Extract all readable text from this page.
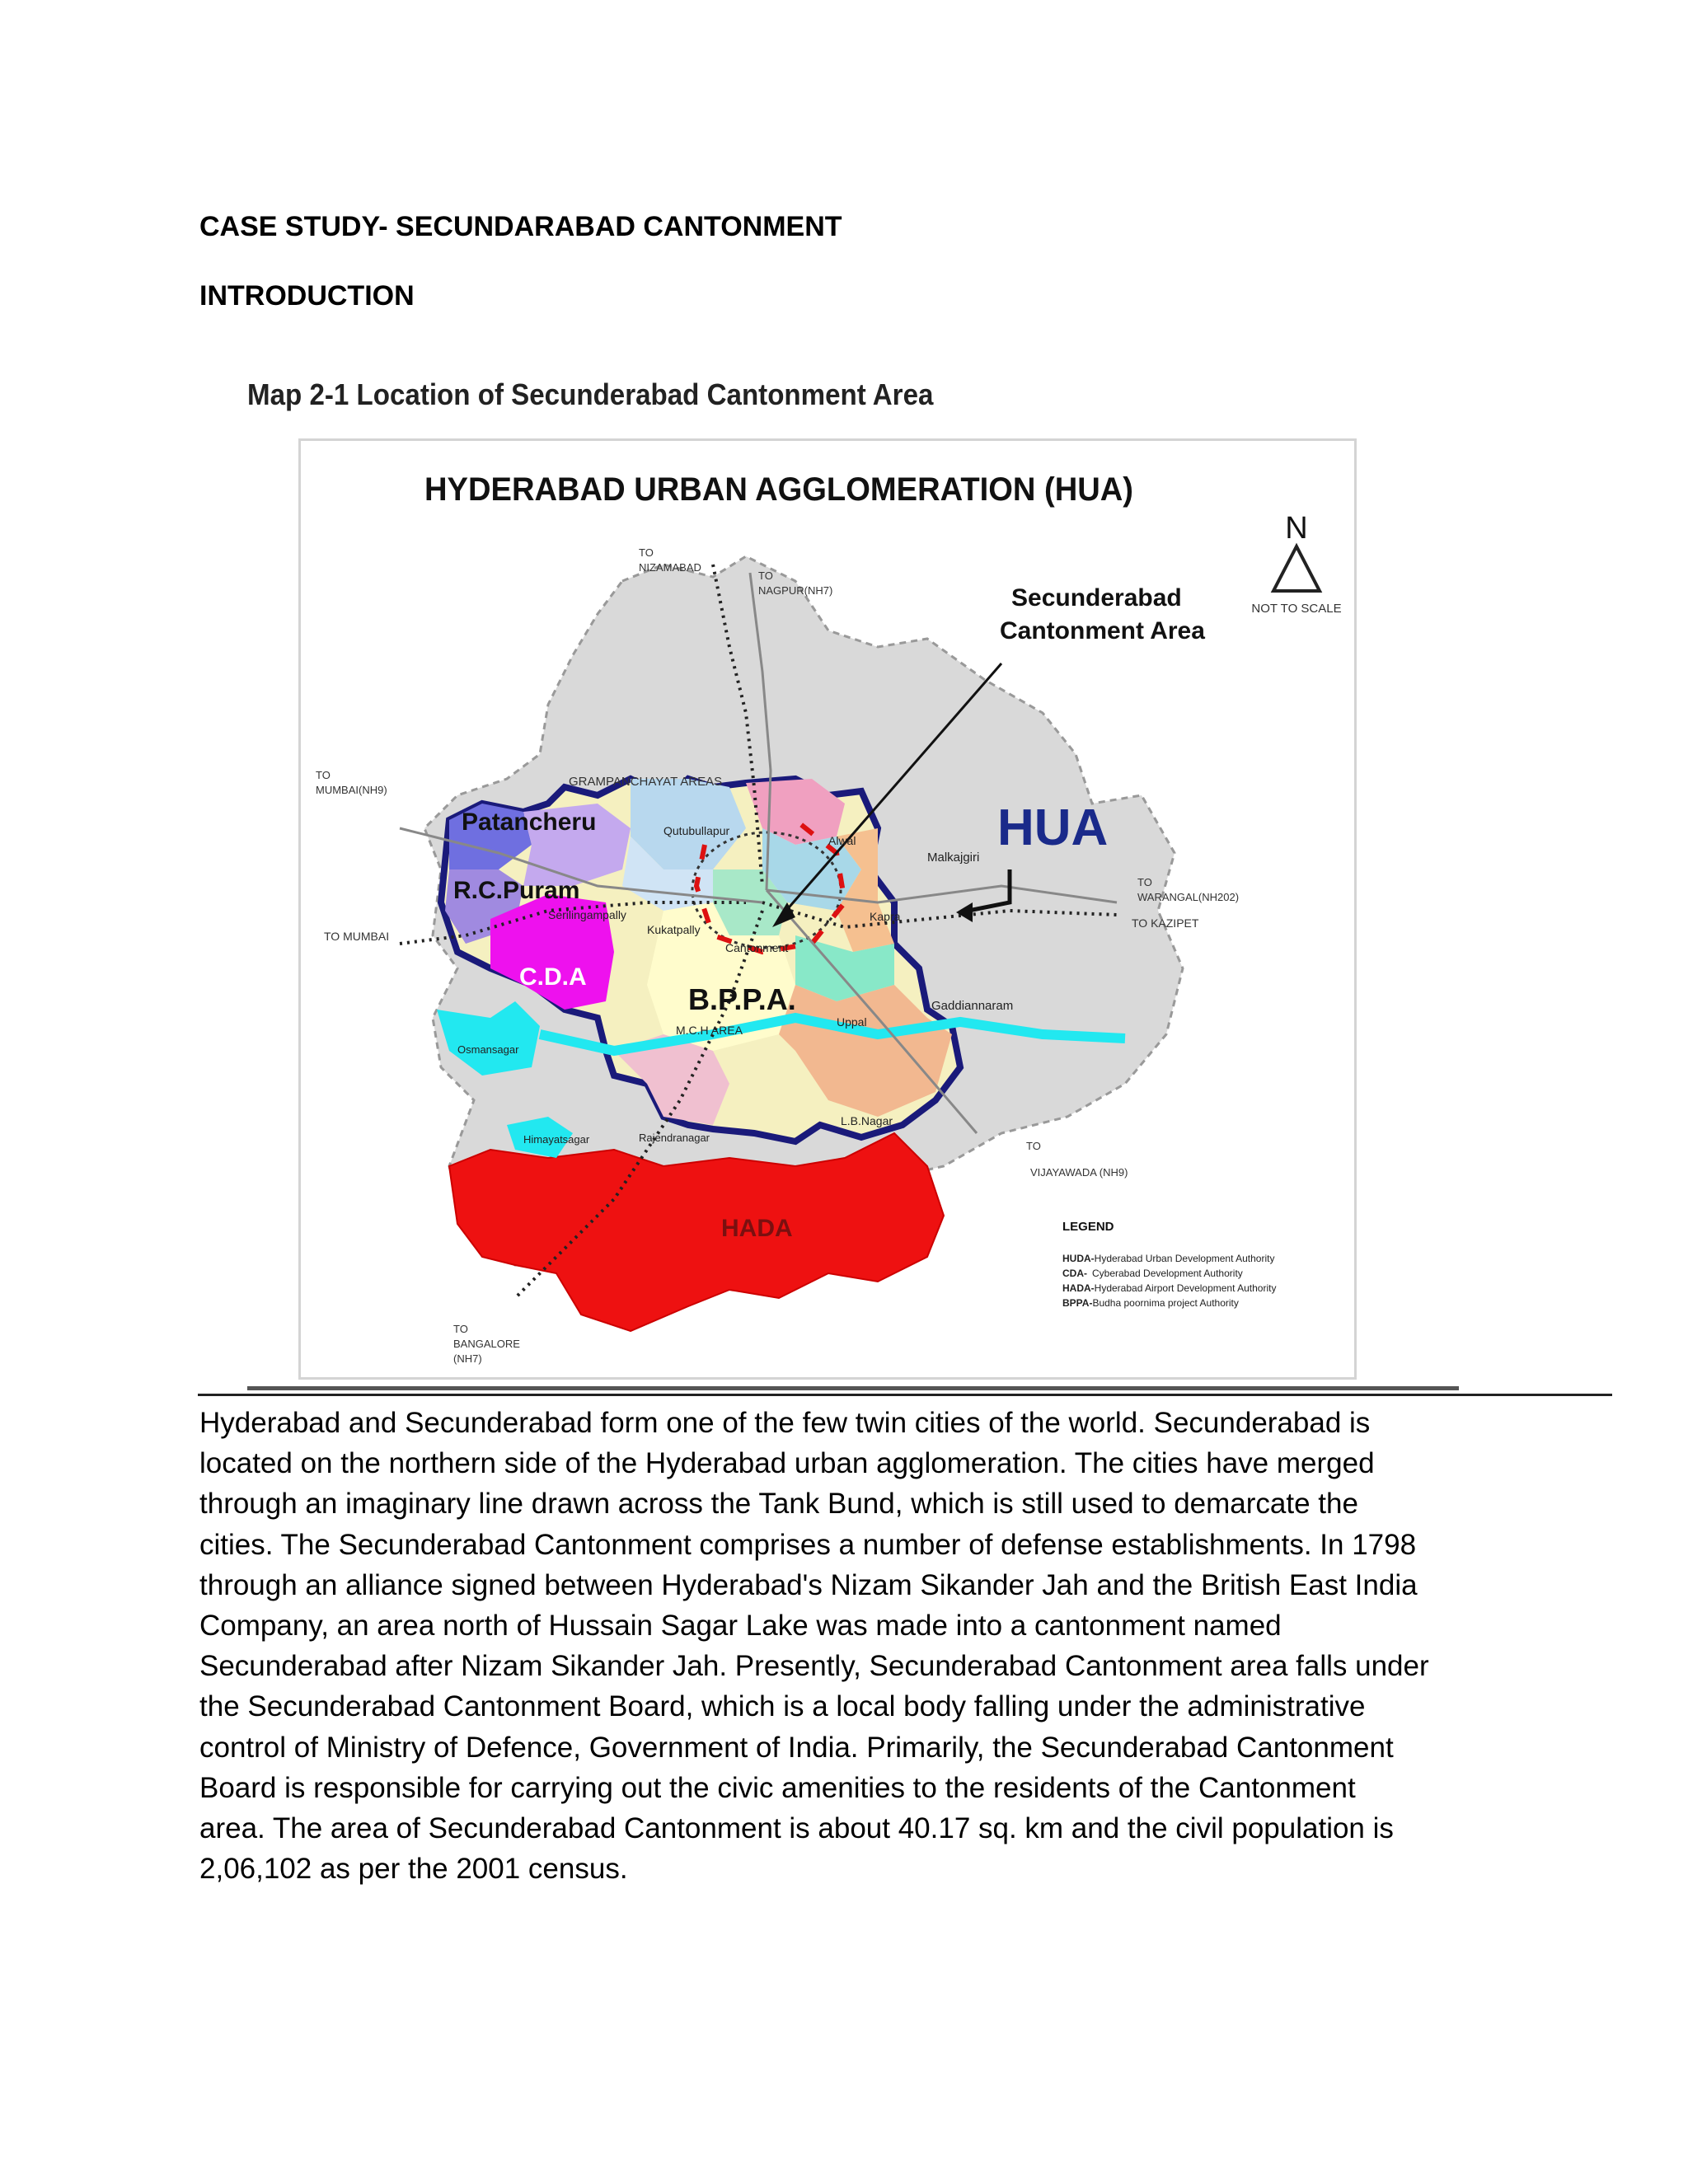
CASE STUDY- SECUNDARABAD CANTONMENT
INTRODUCTION
Map 2-1 Location of Secunderabad Cantonment Area
HYDERABAD URBAN AGGLOMERATION (HUA)
N
NOT TO SCALE
Secunderabad
Cantonment Area
HUA
Patancheru
R.C.Puram
C.D.A
B.P.P.A.
HADA
Serilingampally
Qutubullapur
Alwal
Malkajgiri
Kapra
Kukatpally
Cantonment
M.C.H AREA
Uppal
Gaddiannaram
L.B.Nagar
Rajendranagar
Osmansagar
Himayatsagar
GRAMPANCHAYAT AREAS
TO
NIZAMABAD
TO
NAGPUR(NH7)
TO
MUMBAI(NH9)
TO MUMBAI
TO
WARANGAL(NH202)
TO KAZIPET
TO
VIJAYAWADA (NH9)
TO
BANGALORE
(NH7)
LEGEND
HUDA-Hyderabad Urban Development Authority
CDA- Cyberabad Development Authority
HADA-Hyderabad Airport Development Authority
BPPA-Budha poornima project Authority
Hyderabad and Secunderabad form one of the few twin cities of the world. Secunderabad is
located on the northern side of the Hyderabad urban agglomeration. The cities have merged
through an imaginary line drawn across the Tank Bund, which is still used to demarcate the
cities. The Secunderabad Cantonment comprises a number of defense establishments. In 1798
through an alliance signed between Hyderabad's Nizam Sikander Jah and the British East India
Company, an area north of Hussain Sagar Lake was made into a cantonment named
Secunderabad after Nizam Sikander Jah. Presently, Secunderabad Cantonment area falls under
the Secunderabad Cantonment Board, which is a local body falling under the administrative
control of Ministry of Defence, Government of India. Primarily, the Secunderabad Cantonment
Board is responsible for carrying out the civic amenities to the residents of the Cantonment
area. The area of Secunderabad Cantonment is about 40.17 sq. km and the civil population is
2,06,102 as per the 2001 census.
